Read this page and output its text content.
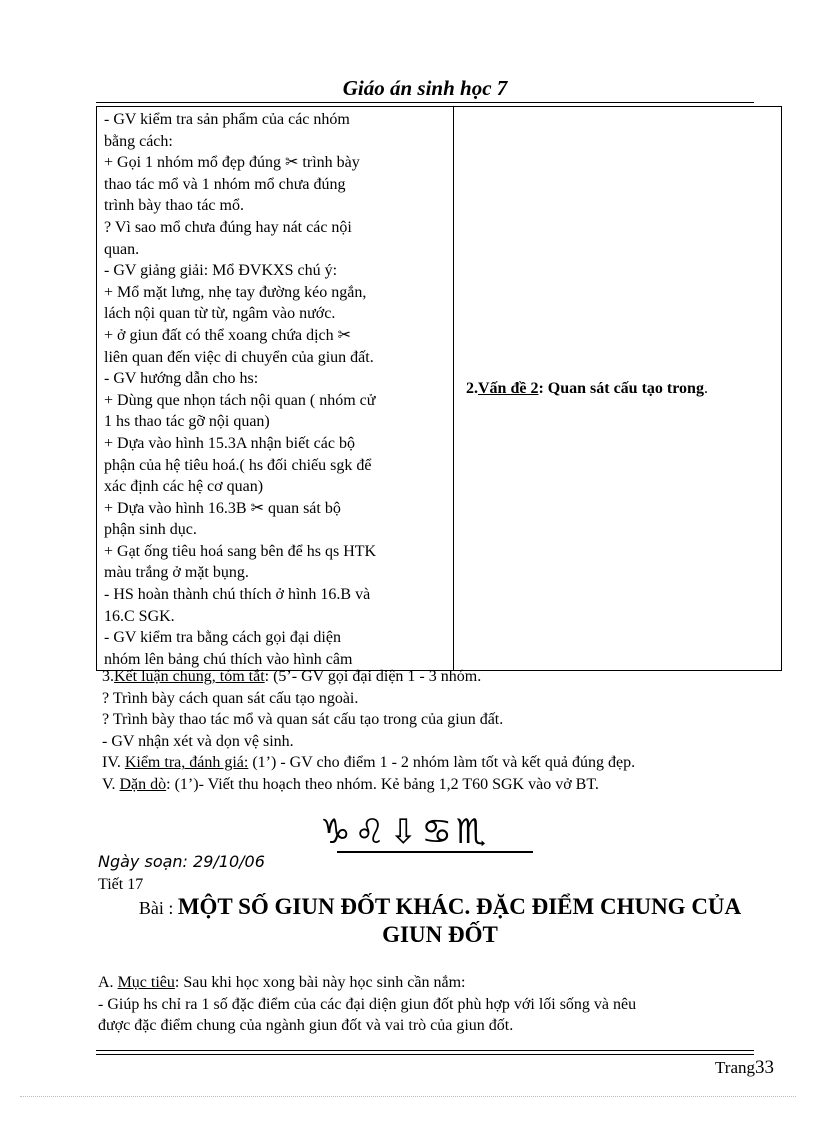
Giáo án sinh học 7

- GV kiểm tra sản phẩm của các nhóm

bằng cách:

+ Gọi 1 nhóm mổ đẹp đúng ✂ trình bày

thao tác mổ và 1 nhóm mổ chưa đúng

trình bày thao tác mổ.

? Vì sao mổ chưa đúng hay nát các nội

quan.

- GV giảng giải: Mổ ĐVKXS chú ý:

+ Mổ mặt lưng, nhẹ tay đường kéo ngắn,

lách nội quan từ từ, ngâm vào nước.

+ ở giun đất có thể xoang chứa dịch ✂

liên quan đến việc di chuyển của giun đất.

- GV hướng dẫn cho hs:

+ Dùng que nhọn tách nội quan ( nhóm cử

1 hs thao tác gỡ nội quan)

+ Dựa vào hình 15.3A nhận biết các bộ

phận của hệ tiêu hoá.( hs đối chiếu sgk để

xác định các hệ cơ quan)

+ Dựa vào hình 16.3B ✂ quan sát bộ

phận sinh dục.

+ Gạt ống tiêu hoá sang bên để hs qs HTK

màu trắng ở mặt bụng.

- HS hoàn thành chú thích ở hình 16.B và

16.C SGK.

- GV kiểm tra bằng cách gọi đại diện

nhóm lên bảng chú thích vào hình câm

	2.Vấn đề 2: Quan sát cấu tạo trong.

3.Kết luận chung, tóm tắt: (5’- GV gọi đại diện 1 - 3 nhóm.

? Trình bày cách quan sát cấu tạo ngoài.

? Trình bày thao tác mổ và quan sát cấu tạo trong của giun đất.

- GV nhận xét và dọn vệ sinh.

IV. Kiểm tra, đánh giá: (1’) - GV cho điểm 1 - 2 nhóm làm tốt và kết quả đúng đẹp.

V. Dặn dò: (1’)- Viết thu hoạch theo nhóm. Kẻ bảng 1,2 T60 SGK vào vở BT.

♑♌⇩♋♏
Ngày soạn: 29/10/06
Tiết 17
Bài : MỘT SỐ GIUN ĐỐT KHÁC. ĐẶC ĐIỂM CHUNG CỦA
GIUN ĐỐT

A. Mục tiêu: Sau khi học xong bài này học sinh cần nắm:

- Giúp hs chỉ ra 1 số đặc điểm của các đại diện giun đốt phù hợp với lối sống và nêu

được đặc điểm chung của ngành giun đốt và vai trò của giun đốt.

Trang33
